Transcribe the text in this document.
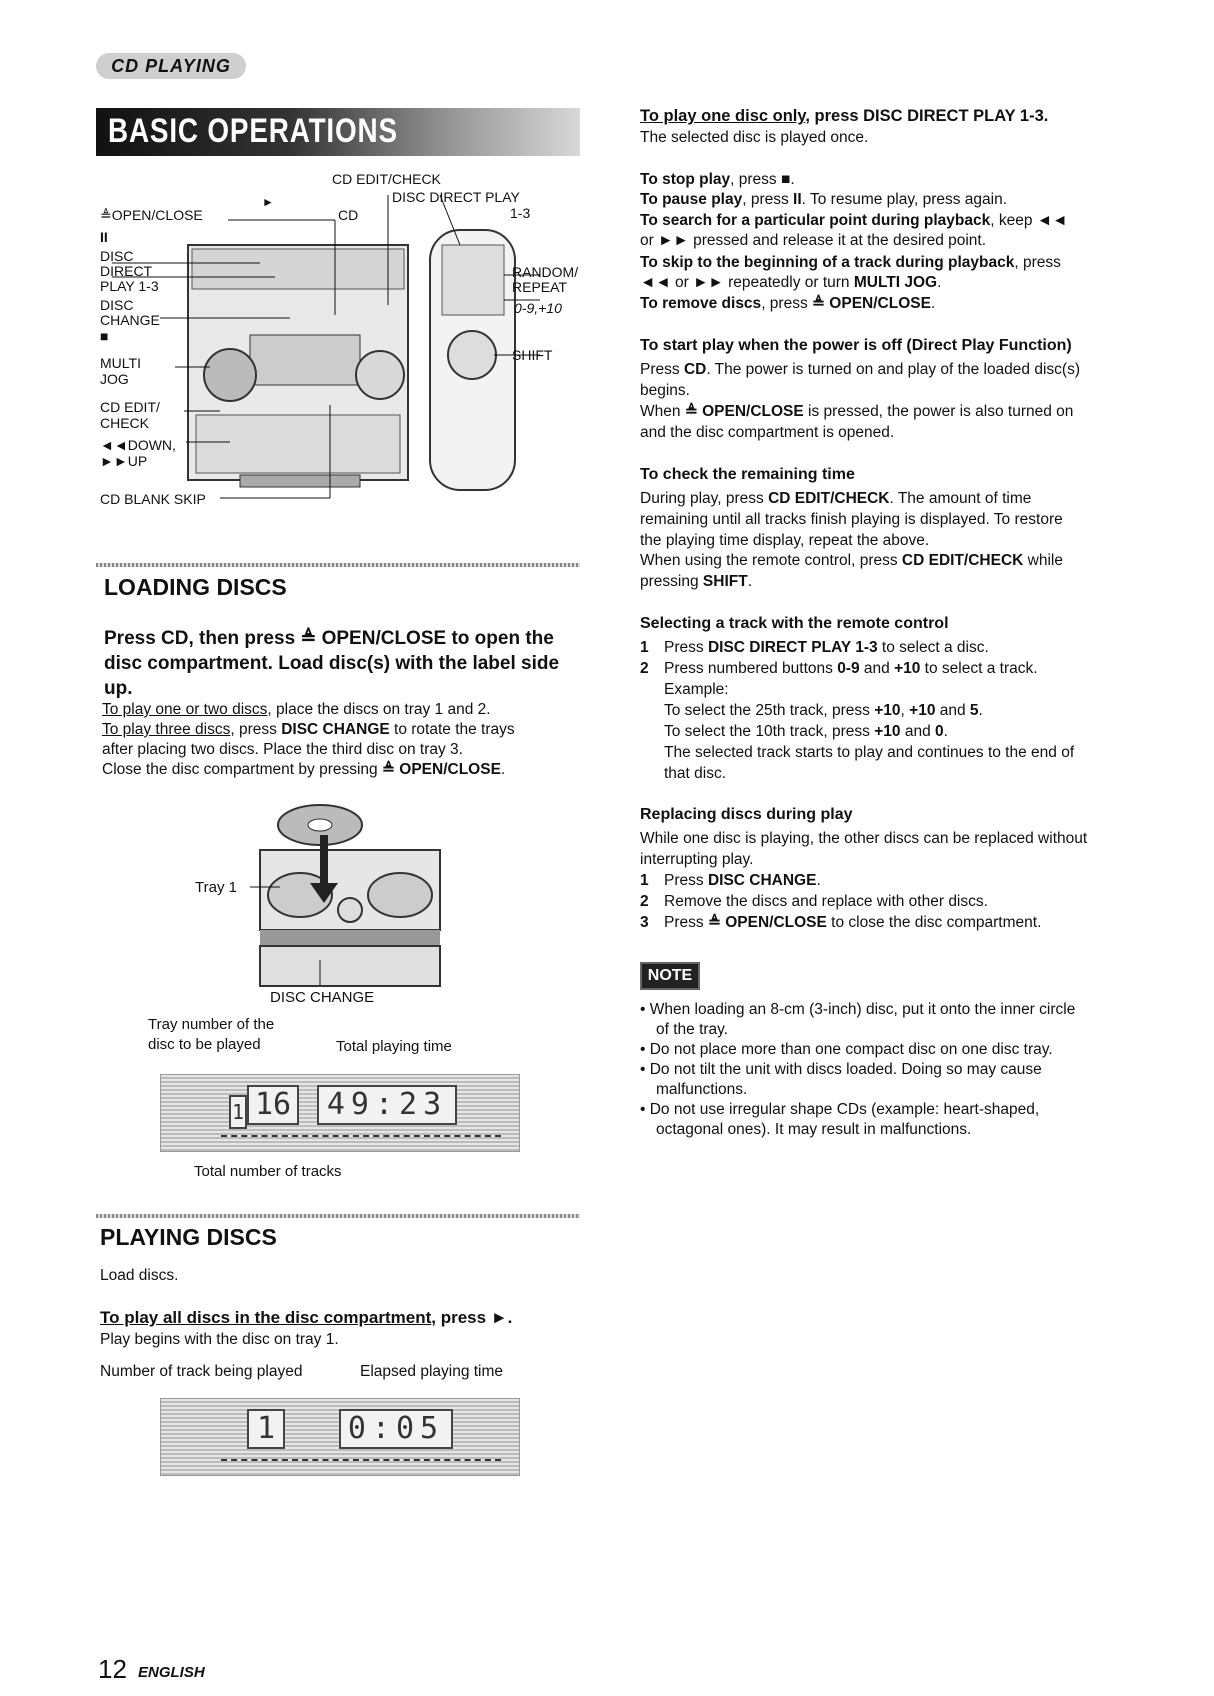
CD PLAYING
BASIC OPERATIONS
CD EDIT/CHECK
►	DISC DIRECT PLAY
1-3
≜OPEN/CLOSE	CD
II
DISC
DIRECT
PLAY 1-3
DISC
CHANGE
■
MULTI
JOG
CD EDIT/
CHECK
◄◄DOWN,
►►UP
CD BLANK SKIP
RANDOM/
REPEAT
0-9,+10
SHIFT
LOADING DISCS
Press CD, then press ≜ OPEN/CLOSE to open the disc compartment. Load disc(s) with the label side up.
To play one or two discs, place the discs on tray 1 and 2.
To play three discs, press DISC CHANGE to rotate the trays
after placing two discs. Place the third disc on tray 3.
Close the disc compartment by pressing ≜ OPEN/CLOSE.
Tray 1
DISC CHANGE
Tray number of the
disc to be played	Total playing time
1 16	49:23
Total number of tracks
PLAYING DISCS
Load discs.
To play all discs in the disc compartment, press ►.
Play begins with the disc on tray 1.
Number of track being played	Elapsed playing time
1	0:05
12 ENGLISH
To play one disc only, press DISC DIRECT PLAY 1-3.
The selected disc is played once.
To stop play, press ■.
To pause play, press II. To resume play, press again.
To search for a particular point during playback, keep ◄◄
or ►► pressed and release it at the desired point.
To skip to the beginning of a track during playback, press
◄◄ or ►► repeatedly or turn MULTI JOG.
To remove discs, press ≜ OPEN/CLOSE.
To start play when the power is off (Direct Play Function)
Press CD. The power is turned on and play of the loaded disc(s)
begins.
When ≜ OPEN/CLOSE is pressed, the power is also turned on
and the disc compartment is opened.
To check the remaining time
During play, press CD EDIT/CHECK. The amount of time
remaining until all tracks finish playing is displayed. To restore
the playing time display, repeat the above.
When using the remote control, press CD EDIT/CHECK while
pressing SHIFT.
Selecting a track with the remote control
1 Press DISC DIRECT PLAY 1-3 to select a disc.
2 Press numbered buttons 0-9 and +10 to select a track.
Example:
To select the 25th track, press +10, +10 and 5.
To select the 10th track, press +10 and 0.
The selected track starts to play and continues to the end of
that disc.
Replacing discs during play
While one disc is playing, the other discs can be replaced without
interrupting play.
1 Press DISC CHANGE.
2 Remove the discs and replace with other discs.
3 Press ≜ OPEN/CLOSE to close the disc compartment.
NOTE
• When loading an 8-cm (3-inch) disc, put it onto the inner circle
of the tray.
• Do not place more than one compact disc on one disc tray.
• Do not tilt the unit with discs loaded. Doing so may cause
malfunctions.
• Do not use irregular shape CDs (example: heart-shaped,
octagonal ones). It may result in malfunctions.
